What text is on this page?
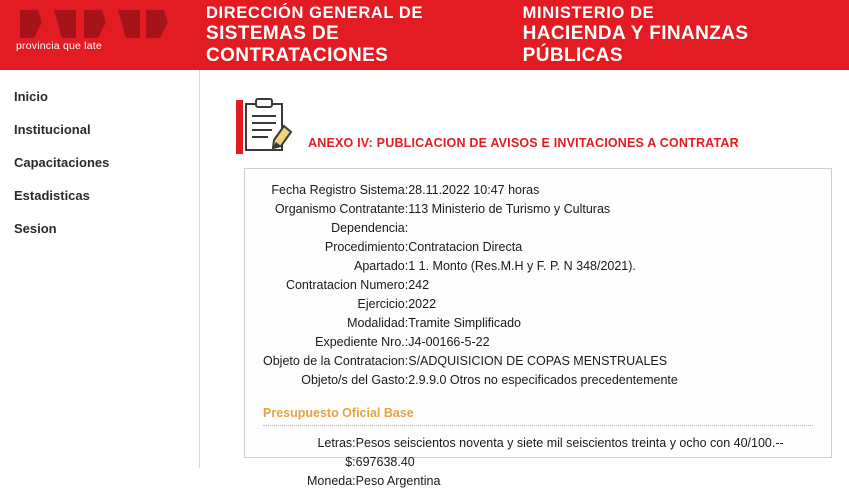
provincia que late
DIRECCIÓN GENERAL DE
SISTEMAS DE CONTRATACIONES
MINISTERIO DE
HACIENDA Y FINANZAS PÚBLICAS
Inicio
Institucional
Capacitaciones
Estadisticas
Sesion
ANEXO IV: PUBLICACION DE AVISOS E INVITACIONES A CONTRATAR
Fecha Registro Sistema:	28.11.2022 10:47 horas
Organismo Contratante:	113 Ministerio de Turismo y Culturas
Dependencia:	
Procedimiento:	Contratacion Directa
Apartado:	1 1. Monto (Res.M.H y F. P. N 348/2021).
Contratacion Numero:	242
Ejercicio:	2022
Modalidad:	Tramite Simplificado
Expediente Nro.:	J4-00166-5-22
Objeto de la Contratacion:	S/ADQUISICION DE COPAS MENSTRUALES
Objeto/s del Gasto:	2.9.9.0 Otros no especificados precedentemente
Presupuesto Oficial Base
Letras:	Pesos seiscientos noventa y siete mil seiscientos treinta y ocho con 40/100.--
$:	697638.40
Moneda:	Peso Argentina
